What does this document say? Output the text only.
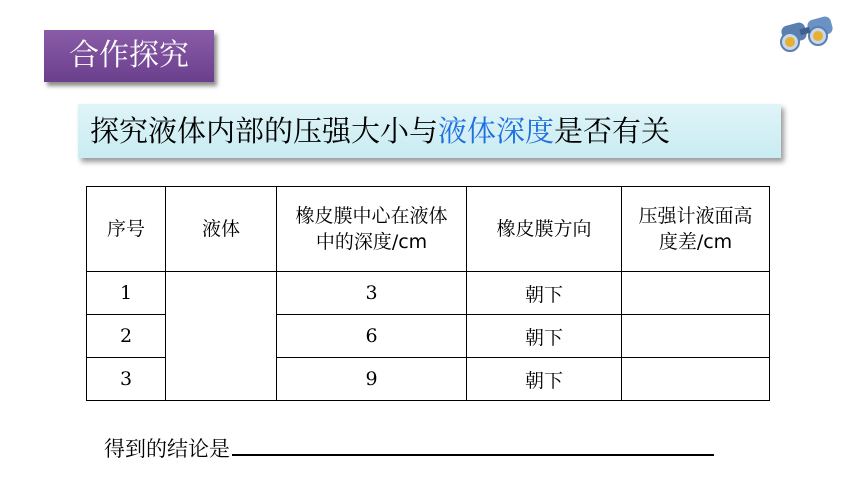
合作探究
探究液体内部的压强大小与液体深度是否有关
序号	液体	橡皮膜中心在液体中的深度/cm	橡皮膜方向	压强计液面高度差/cm
1		3	朝下	
2		6	朝下	
3		9	朝下	
得到的结论是
